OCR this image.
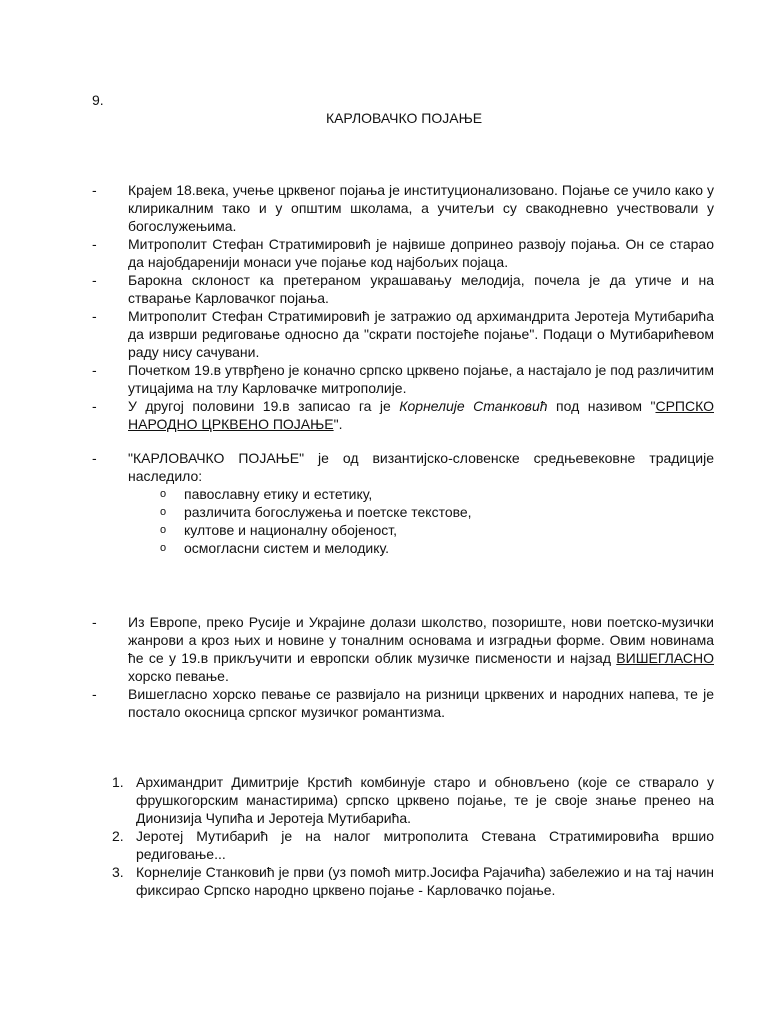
9.
КАРЛОВАЧКО ПОЈАЊЕ
- Крајем 18.века, учење црквеног појања је институционализовано. Појање се учило како у клирикалним тако и у општим школама, а учитељи су свакодневно учествовали у богослужењима.
- Митрополит Стефан Стратимировић је највише допринео развоју појања. Он се старао да најобдаренији монаси уче појање код најбољих појаца.
- Барокна склоност ка претераном украшавању мелодија, почела је да утиче и на стварање Карловачког појања.
- Митрополит Стефан Стратимировић је затражио од архимандрита Јеротеја Мутибарића да изврши редиговање односно да "скрати постојеће појање". Подаци о Мутибарићевом раду нису сачувани.
- Почетком 19.в утврђено је коначно српско црквено појање, а настајало је под различитим утицајима на тлу Карловачке митрополије.
- У другој половини 19.в записао га је Корнелије Станковић под називом "СРПСКО НАРОДНО ЦРКВЕНО ПОЈАЊЕ".
- "КАРЛОВАЧКО ПОЈАЊЕ" је од византијско-словенске средњевековне традиције наследило:
o павославну етику и естетику,
o различита богослужења и поетске текстове,
o култове и националну обојеност,
o осмогласни систем и мелодику.
- Из Европе, преко Русије и Украјине долази школство, позориште, нови поетско-музички жанрови а кроз њих и новине у тоналним основама и изградњи форме. Овим новинама ће се у 19.в прикључити и европски облик музичке писмености и најзад ВИШЕГЛАСНО хорско певање.
- Вишегласно хорско певање се развијало на ризници црквених и народних напева, те је постало окосница српског музичког романтизма.
1. Архимандрит Димитрије Крстић комбинује старо и обновљено (које се стварало у фрушкогорским манастирима) српско црквено појање, те је своје знање пренео на Дионизија Чупића и Јеротеја Мутибарића.
2. Јеротеј Мутибарић је на налог митрополита Стевана Стратимировића вршио редиговање...
3. Корнелије Станковић је први (уз помоћ митр.Јосифа Рајачића) забележио и на тај начин фиксирао Српско народно црквено појање - Карловачко појање.
